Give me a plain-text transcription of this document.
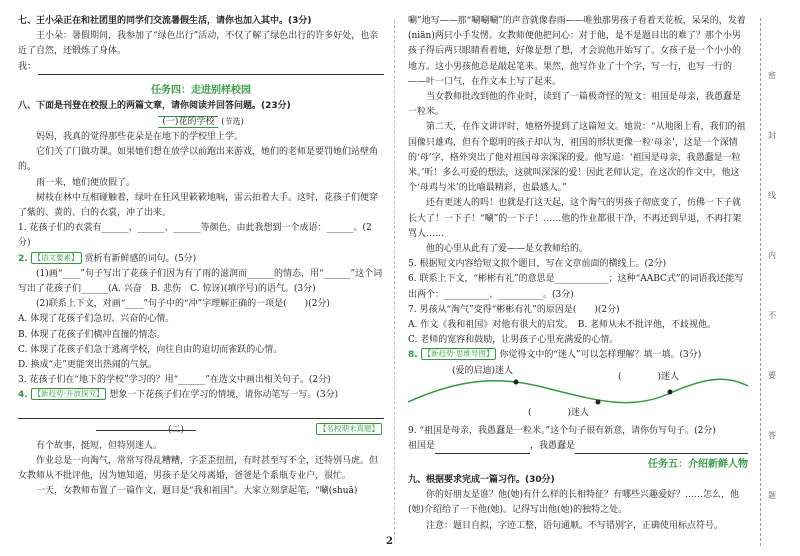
七、王小朵正在和社团里的同学们交流暑假生活，请你也加入其中。(3分)
王小朵：暑假期间，我参加了“绿色出行”活动，不仅了解了绿色出行的许多好处，也亲近了自然，还锻炼了身体。
我：
任务四：走进别样校园
八、下面是刊登在校报上的两篇文章，请你阅读并回答问题。(23分)
(一)花的学校 (节选)
妈妈，我真的觉得那些花朵是在地下的学校里上学。
它们关了门做功课。如果她们想在放学以前跑出来游戏，她们的老师是要罚她们站壁角的。
雨一来，她们便放假了。
树枝在林中互相碰触着，绿叶在狂风里簌簌地响，雷云拍着大手。这时，花孩子们便穿了紫的、黄的、白的衣裳，冲了出来。
1. 花孩子们的衣裳有______、______、______等颜色，由此我想到一个成语：______。(2分)
2. 【语文要素】 赏析有新鲜感的词句。(5分)
(1)画“____”句子写出了花孩子们因为有了雨的滋润而______的情态，用“______”这个词写出了花孩子们______(A. 兴奋　B. 悲伤　C. 惊讶)(填序号)的语气。(3分)
(2)联系上下文，对画“____”句子中的“冲”字理解正确的一项是(　　)(2分)
A. 体现了花孩子们急切、兴奋的心情。
B. 体现了花孩子们横冲直撞的情态。
C. 体现了花孩子们急于逃离学校，向往自由的迫切而雀跃的心情。
D. 换成“走”更能突出热闹的气氛。
3. 花孩子们在“地下的学校”学习的？用“______”在选文中画出相关句子。(2分)
4. 【新趋势·开放探究】 想象一下花孩子们在学习的情境，请你动笔写一写。(3分)
(二)	【名校期末真题】
有个故事，挺短，但特别迷人。
作业总是一向淘气，常常写得乱糟糟，字歪歪扭扭，有时甚至写不全，还特别马虎。但女教师从不批评他，因为她知道，男孩子是父母离婚，爸爸是个系瓶专业户，很忙。
一天，女教师布置了一篇作文，题目是“我和祖国”。大家立刻拿起笔，“唰(shuā)
唰”地写——那“唰唰唰”的声音就像春雨——唯独那男孩子看着天花板，呆呆的，发着(niān)两只小手发愣。女教师便他把问心：对于他，是不是题目出的难了？那个小男孩子得后两只眼睛看着她，好像是想了想，才会说他开始写了。女孩子是一个小小的地方。这小男孩他总是敲起笔来。果然，他写作业了十个字，写一行，也写一行的——叶一口气，在作文本上写了起来。
当女教师批改到他的作业时，读到了一篇极奇怪的短文：祖国是母亲，我愚蠢是一粒米。
第二天，在作文讲评时，她格外提到了这篇短文。她说：“从地图上看，我们的祖国像只雄鸡，但有个聪明的孩子却认为，祖国的形状更像一粒‘母亲’，这是一个深情的‘母’字，格外突出了他对祖国母亲深深的爱。他写道：‘祖国是母亲，我愚蠢是一粒米。’听！多么可爱的想法，这就叫深深的爱！因此老师认定，在这次的作文中，他这个‘母鸡与米’的比喻最精彩，也最感人。”
还有更迷人的吗！也就是打这天起，这个淘气的男孩子彻底变了，仿佛一下子就长大了！一下子！“唰”的一下子！……他的作业都很干净，不再还到早退，不再打架骂人……
他的心里从此有了爱——是女教师给的。
5. 根据短文内容给短文拟个题目，写在文章前面的横线上。(2分)
6. 联系上下文，“彬彬有礼”的意思是____________；这种“AABC式”的词语我还能写出两个：__________、__________。(3分)
7. 男孩从“淘气”变得“彬彬有礼”的原因是(　　)(2分)
A. 作文《我和祖国》对他有很大的启发。　B. 老师从未不批评他，不歧视他。
C. 老师的宽容和鼓励，让男孩子心里充满爱的心情。
8. 【新趋势·思维导图】 你觉得文中的“迷人”可以怎样理解？填一填。(3分)
(爱的启迪)迷人
(　　　　)迷人
(　　　　)迷人
9. “祖国是母亲，我愚蠢是一粒米。”这个句子很有新意，请你仿写句子。(2分)
祖国是	，我愚蠢是
任务五：介绍新鲜人物
九、根据要求完成一篇习作。(30分)
你的好朋友是谁？他(她)有什么样的长相特征？有哪些兴趣爱好？……怎么，他(她)介绍给了一下他(她)。记得写出他(她)的独特之处。
注意：题目自拟，字迹工整，语句通顺。不写错别字，正确使用标点符号。
密
封
线
内
不
要
答
题
2
